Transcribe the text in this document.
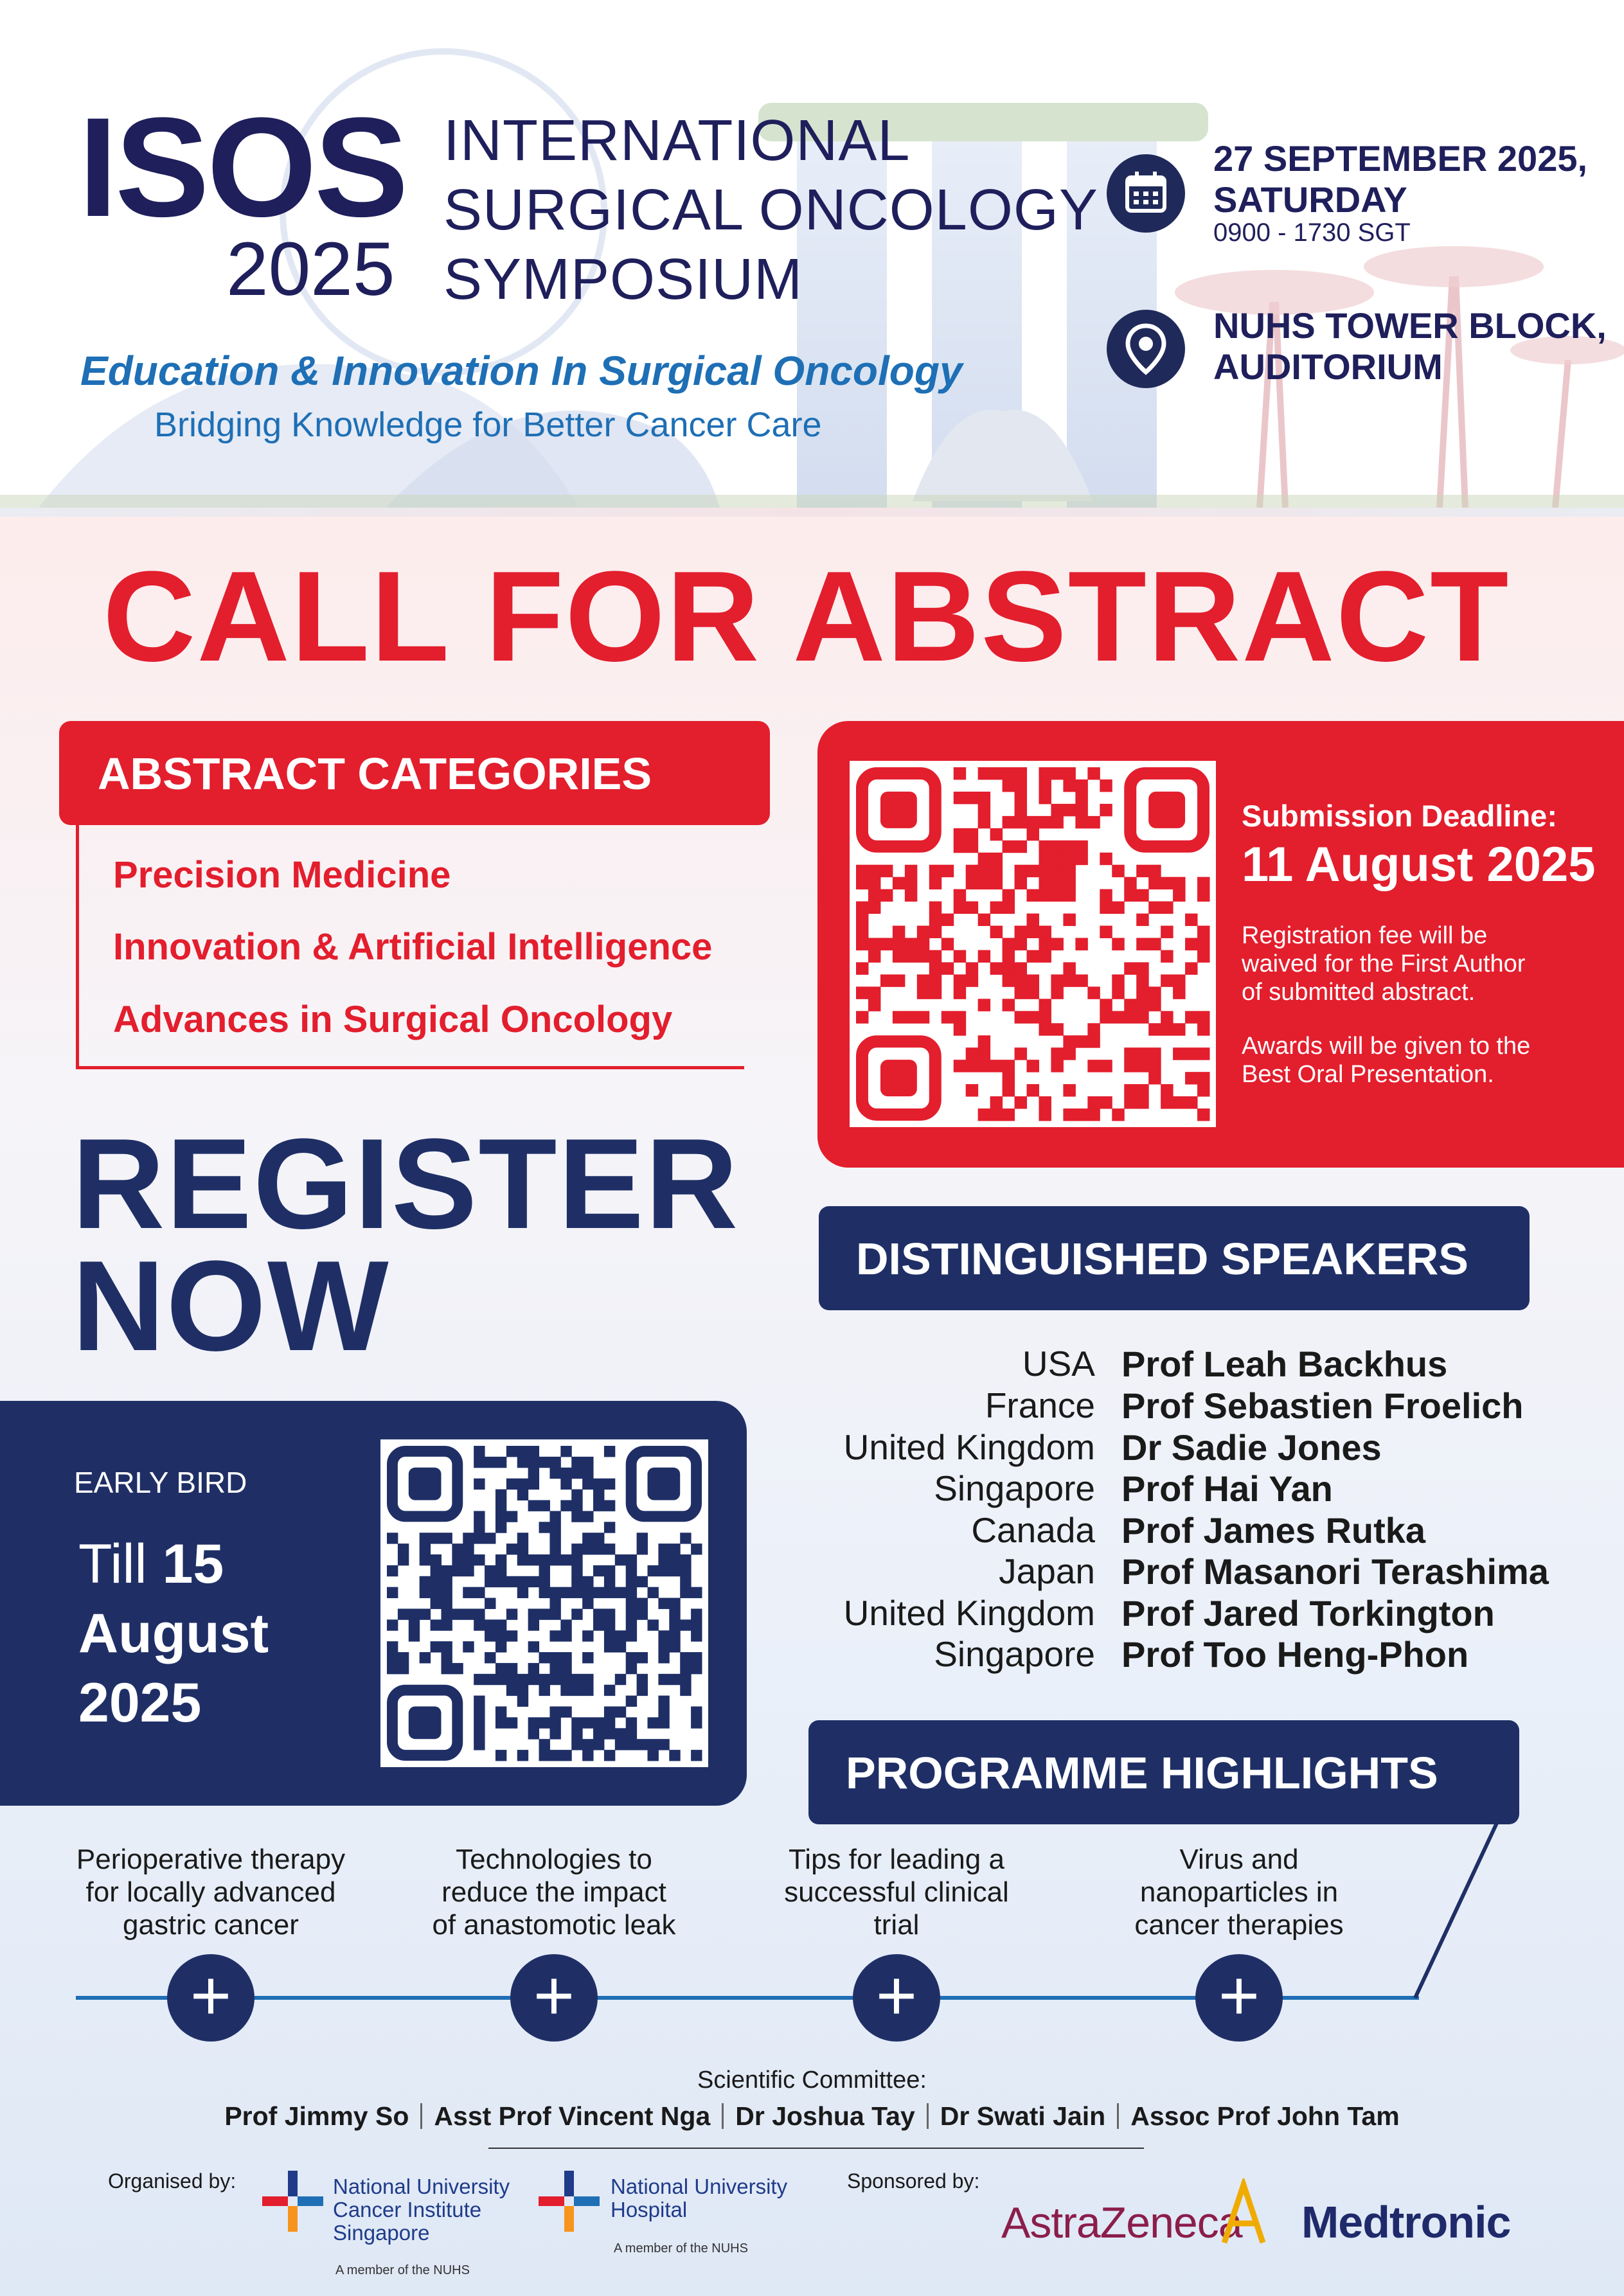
ISOS
2025
INTERNATIONAL
SURGICAL ONCOLOGY
SYMPOSIUM
Education & Innovation In Surgical Oncology
Bridging Knowledge for Better Cancer Care
27 SEPTEMBER 2025,
SATURDAY
0900 - 1730 SGT
NUHS TOWER BLOCK,
AUDITORIUM
CALL FOR ABSTRACT
ABSTRACT CATEGORIES
Precision Medicine
Innovation & Artificial Intelligence
Advances in Surgical Oncology
Submission Deadline:
11 August 2025
Registration fee will be
waived for the First Author
of submitted abstract.
Awards will be given to the
Best Oral Presentation.
REGISTER
NOW
EARLY BIRD
Till 15
August
2025
DISTINGUISHED SPEAKERS
USA Prof Leah Backhus
France Prof Sebastien Froelich
United Kingdom Dr Sadie Jones
Singapore Prof Hai Yan
Canada Prof James Rutka
Japan Prof Masanori Terashima
United Kingdom Prof Jared Torkington
Singapore Prof Too Heng-Phon
PROGRAMME HIGHLIGHTS
Perioperative therapy
for locally advanced
gastric cancer
+
Technologies to
reduce the impact
of anastomotic leak
+
Tips for leading a
successful clinical
trial
+
Virus and
nanoparticles in
cancer therapies
+
Scientific Committee:
Prof Jimmy So Asst Prof Vincent Nga Dr Joshua Tay Dr Swati Jain Assoc Prof John Tam
Organised by:	National University
Cancer Institute
Singapore
A member of the NUHS
National University
Hospital
A member of the NUHS
Sponsored by:
AstraZeneca Medtronic
